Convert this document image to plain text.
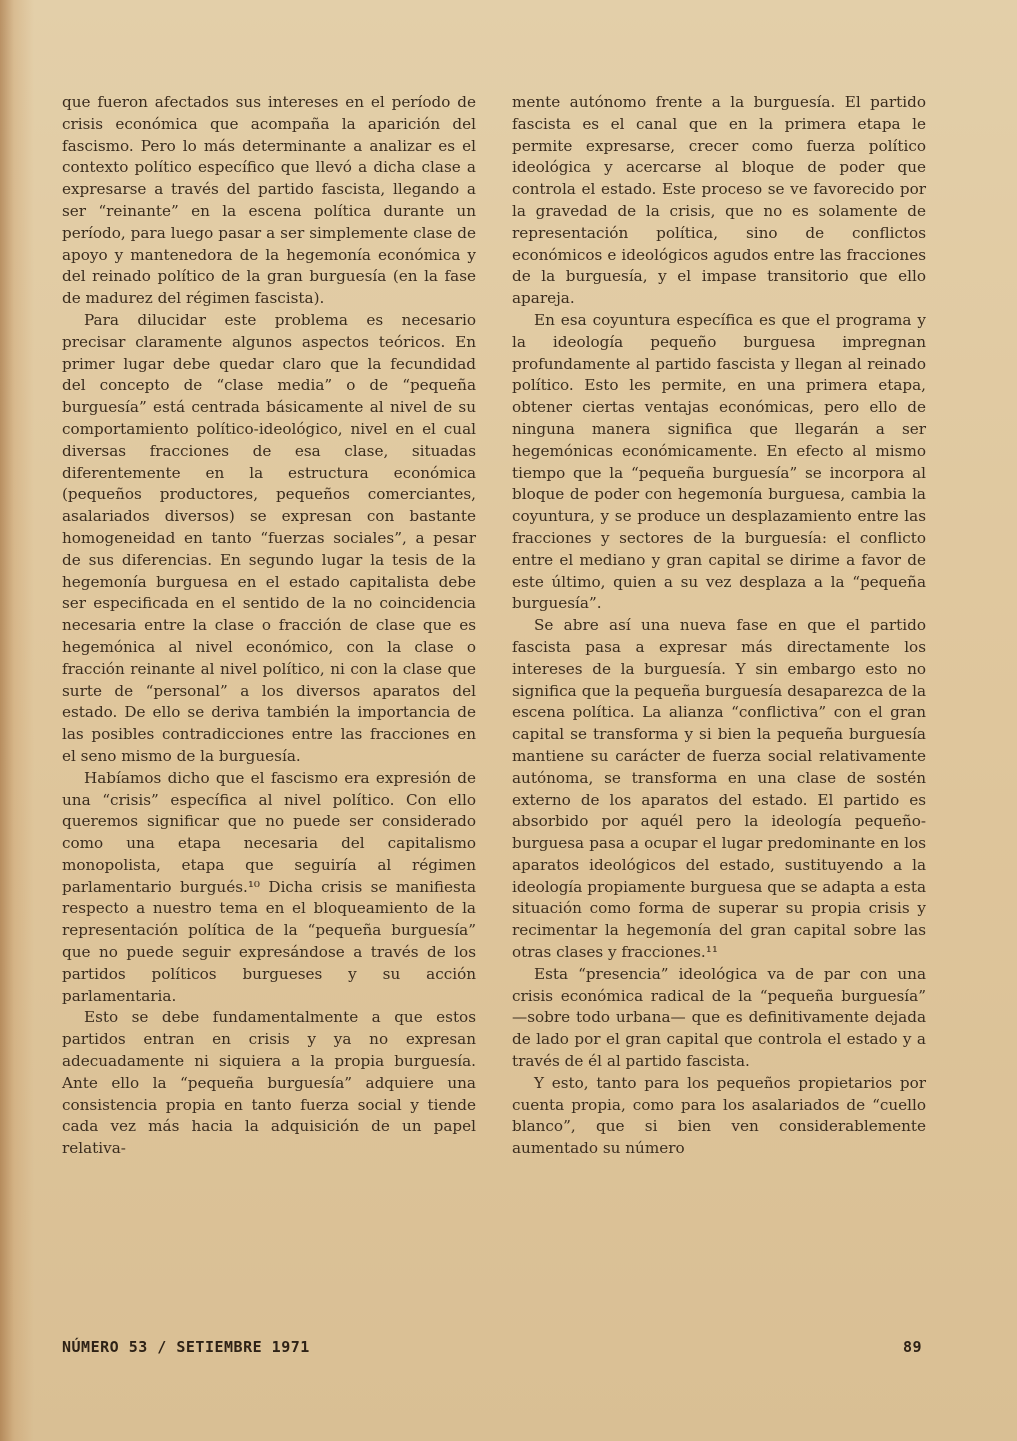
que fueron afectados sus intereses en el período de crisis económica que acompaña la aparición del fascismo. Pero lo más determinante a analizar es el contexto político específico que llevó a dicha clase a expresarse a través del partido fascista, llegando a ser “reinante” en la escena política durante un período, para luego pasar a ser simplemente clase de apoyo y mantenedora de la hegemonía económica y del reinado político de la gran burguesía (en la fase de madurez del régimen fascista).

Para dilucidar este problema es necesario precisar claramente algunos aspectos teóricos. En primer lugar debe quedar claro que la fecundidad del concepto de “clase media” o de “pequeña burguesía” está centrada básicamente al nivel de su comportamiento político-ideológico, nivel en el cual diversas fracciones de esa clase, situadas diferentemente en la estructura económica (pequeños productores, pequeños comerciantes, asalariados diversos) se expresan con bastante homogeneidad en tanto “fuerzas sociales”, a pesar de sus diferencias. En segundo lugar la tesis de la hegemonía burguesa en el estado capitalista debe ser especificada en el sentido de la no coincidencia necesaria entre la clase o fracción de clase que es hegemónica al nivel económico, con la clase o fracción reinante al nivel político, ni con la clase que surte de “personal” a los diversos aparatos del estado. De ello se deriva también la importancia de las posibles contradicciones entre las fracciones en el seno mismo de la burguesía.

Habíamos dicho que el fascismo era expresión de una “crisis” específica al nivel político. Con ello queremos significar que no puede ser considerado como una etapa necesaria del capitalismo monopolista, etapa que seguiría al régimen parlamentario burgués.¹⁰ Dicha crisis se manifiesta respecto a nuestro tema en el bloqueamiento de la representación política de la “pequeña burguesía” que no puede seguir expresándose a través de los partidos políticos burgueses y su acción parlamentaria.

Esto se debe fundamentalmente a que estos partidos entran en crisis y ya no expresan adecuadamente ni siquiera a la propia burguesía. Ante ello la “pequeña burguesía” adquiere una consistencia propia en tanto fuerza social y tiende cada vez más hacia la adquisición de un papel relativa-

mente autónomo frente a la burguesía. El partido fascista es el canal que en la primera etapa le permite expresarse, crecer como fuerza político ideológica y acercarse al bloque de poder que controla el estado. Este proceso se ve favorecido por la gravedad de la crisis, que no es solamente de representación política, sino de conflictos económicos e ideológicos agudos entre las fracciones de la burguesía, y el impase transitorio que ello apareja.

En esa coyuntura específica es que el programa y la ideología pequeño burguesa impregnan profundamente al partido fascista y llegan al reinado político. Esto les permite, en una primera etapa, obtener ciertas ventajas económicas, pero ello de ninguna manera significa que llegarán a ser hegemónicas económicamente. En efecto al mismo tiempo que la “pequeña burguesía” se incorpora al bloque de poder con hegemonía burguesa, cambia la coyuntura, y se produce un desplazamiento entre las fracciones y sectores de la burguesía: el conflicto entre el mediano y gran capital se dirime a favor de este último, quien a su vez desplaza a la “pequeña burguesía”.

Se abre así una nueva fase en que el partido fascista pasa a expresar más directamente los intereses de la burguesía. Y sin embargo esto no significa que la pequeña burguesía desaparezca de la escena política. La alianza “conflictiva” con el gran capital se transforma y si bien la pequeña burguesía mantiene su carácter de fuerza social relativamente autónoma, se transforma en una clase de sostén externo de los aparatos del estado. El partido es absorbido por aquél pero la ideología pequeño-burguesa pasa a ocupar el lugar predominante en los aparatos ideológicos del estado, sustituyendo a la ideología propiamente burguesa que se adapta a esta situación como forma de superar su propia crisis y recimentar la hegemonía del gran capital sobre las otras clases y fracciones.¹¹

Esta “presencia” ideológica va de par con una crisis económica radical de la “pequeña burguesía” —sobre todo urbana— que es definitivamente dejada de lado por el gran capital que controla el estado y a través de él al partido fascista.

Y esto, tanto para los pequeños propietarios por cuenta propia, como para los asalariados de “cuello blanco”, que si bien ven considerablemente aumentado su número

NÚMERO 53 / SETIEMBRE 1971	89
